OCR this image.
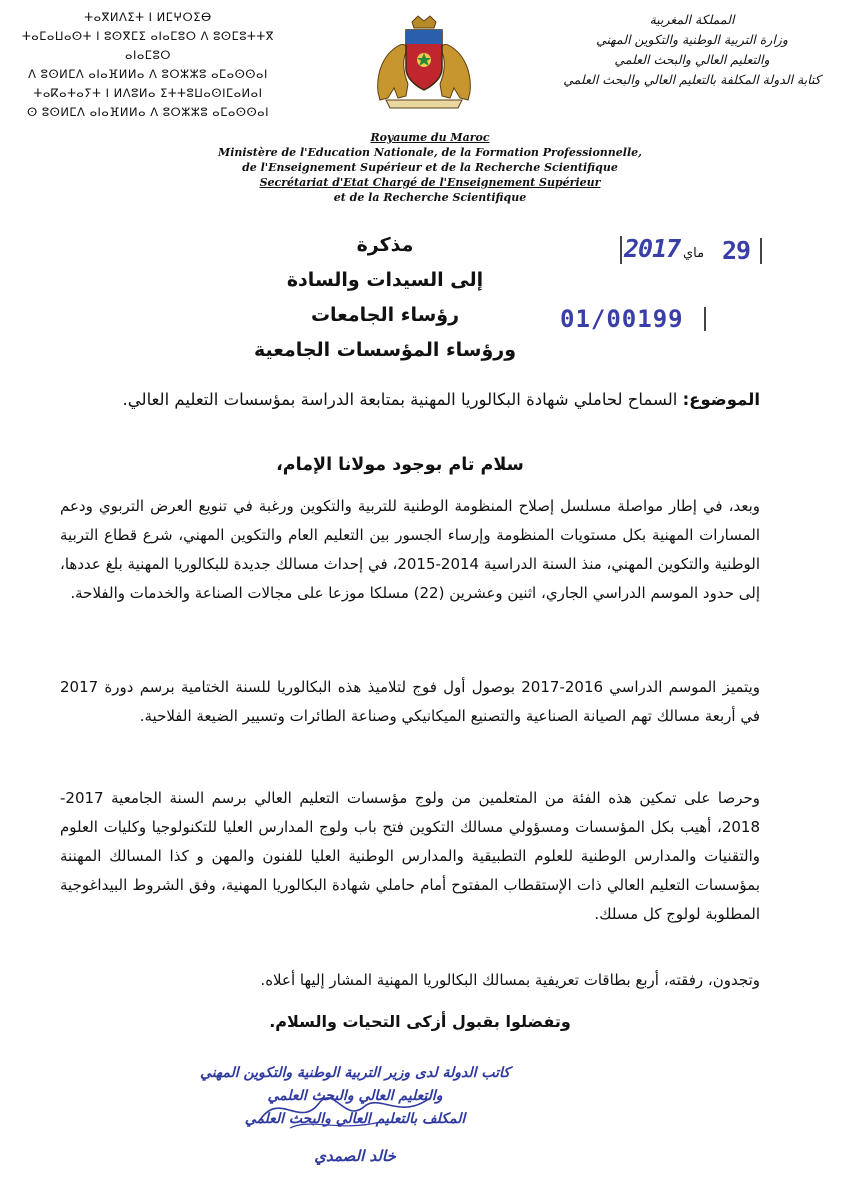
ⵜⴰⴳⵍⴷⵉⵜ ⵏ ⵍⵎⵖⵔⵉⴱ
ⵜⴰⵎⴰⵡⴰⵙⵜ ⵏ ⵓⵙⴳⵎⵉ ⴰⵏⴰⵎⵓⵔ ⴷ ⵓⵙⵎⵓⵜⵜⴳ ⴰⵏⴰⵎⵓⵔ
ⴷ ⵓⵙⵍⵎⴷ ⴰⵏⴰⴼⵍⵍⴰ ⴷ ⵓⵔⵣⵣⵓ ⴰⵎⴰⵙⵙⴰⵏ
ⵜⴰⴽⴰⵜⴰⵢⵜ ⵏ ⵍⴷⵓⵍⴰ ⵉⵜⵜⵓⵡⴰⵙⵏⵎⴰⵍⴰⵏ
ⵙ ⵓⵙⵍⵎⴷ ⴰⵏⴰⴼⵍⵍⴰ ⴷ ⵓⵔⵣⵣⵓ ⴰⵎⴰⵙⵙⴰⵏ
المملكة المغربية
وزارة التربية الوطنية والتكوين المهني
والتعليم العالي والبحث العلمي
كتابة الدولة المكلفة بالتعليم العالي والبحث العلمي
Royaume du Maroc
Ministère de l'Education Nationale, de la Formation Professionnelle,
de l'Enseignement Supérieur et de la Recherche Scientifique
Secrétariat d'Etat Chargé de l'Enseignement Supérieur
et de la Recherche Scientifique
مذكرة
إلى السيدات والسادة
رؤساء الجامعات
ورؤساء المؤسسات الجامعية
2017 ماي 29
01/00199
الموضوع: السماح لحاملي شهادة البكالوريا المهنية بمتابعة الدراسة بمؤسسات التعليم العالي.
سلام تام بوجود مولانا الإمام،

وبعد، في إطار مواصلة مسلسل إصلاح المنظومة الوطنية للتربية والتكوين ورغبة في تنويع العرض التربوي ودعم المسارات المهنية بكل مستويات المنظومة وإرساء الجسور بين التعليم العام والتكوين المهني، شرع قطاع التربية الوطنية والتكوين المهني، منذ السنة الدراسية 2014-2015، في إحداث مسالك جديدة للبكالوريا المهنية بلغ عددها، إلى حدود الموسم الدراسي الجاري، اثنين وعشرين (22) مسلكا موزعا على مجالات الصناعة والخدمات والفلاحة.

ويتميز الموسم الدراسي 2016-2017 بوصول أول فوج لتلاميذ هذه البكالوريا للسنة الختامية برسم دورة 2017 في أربعة مسالك تهم الصيانة الصناعية والتصنيع الميكانيكي وصناعة الطائرات وتسيير الضيعة الفلاحية.

وحرصا على تمكين هذه الفئة من المتعلمين من ولوج مؤسسات التعليم العالي برسم السنة الجامعية 2017-2018، أهيب بكل المؤسسات ومسؤولي مسالك التكوين فتح باب ولوج المدارس العليا للتكنولوجيا وكليات العلوم والتقنيات والمدارس الوطنية للعلوم التطبيقية والمدارس الوطنية العليا للفنون والمهن و كذا المسالك المهننة بمؤسسات التعليم العالي ذات الإستقطاب المفتوح أمام حاملي شهادة البكالوريا المهنية، وفق الشروط البيداغوجية المطلوبة لولوج كل مسلك.

وتجدون، رفقته، أربع بطاقات تعريفية بمسالك البكالوريا المهنية المشار إليها أعلاه.

وتفضلوا بقبول أزكى التحيات والسلام.
كاتب الدولة لدى وزير التربية الوطنية والتكوين المهني
والتعليم العالي والبحث العلمي
المكلف بالتعليم العالي والبحث العلمي
خالد الصمدي
